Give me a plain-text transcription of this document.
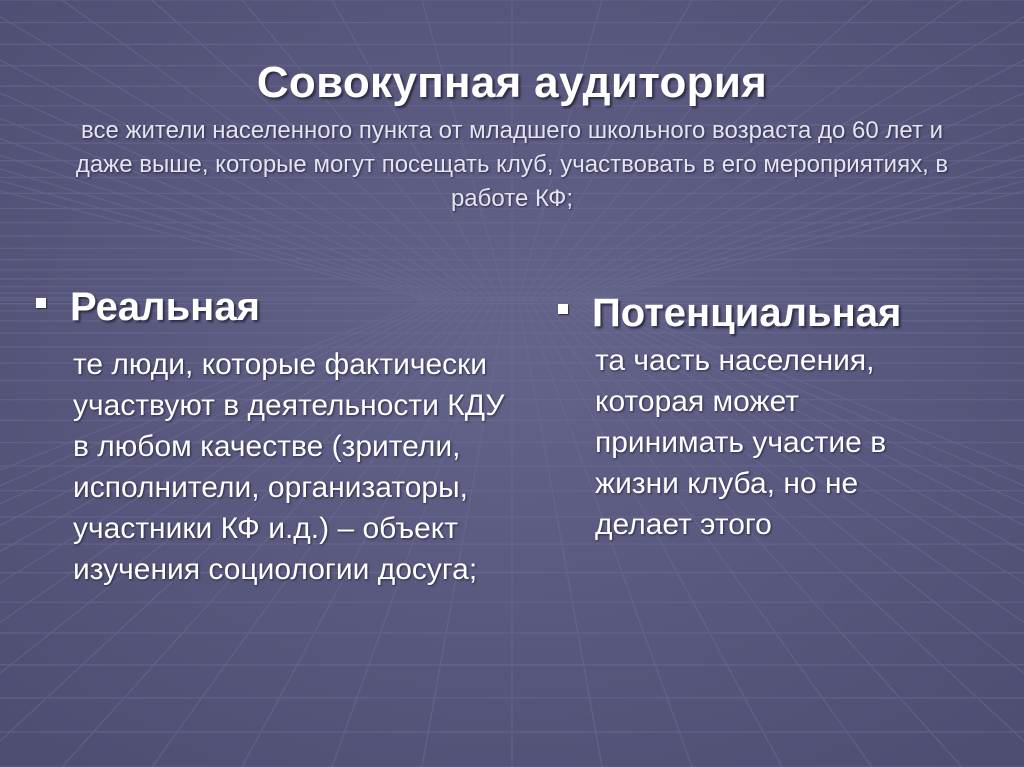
Совокупная аудитория

все жители населенного пункта от младшего школьного возраста до 60 лет и даже выше, которые могут посещать клуб, участвовать в его мероприятиях, в работе КФ;

Реальная

те люди, которые фактически участвуют в деятельности КДУ в любом качестве (зрители, исполнители, организаторы, участники КФ и.д.) – объект изучения социологии досуга;

Потенциальная

та часть населения, которая может принимать участие в жизни клуба, но не делает этого
